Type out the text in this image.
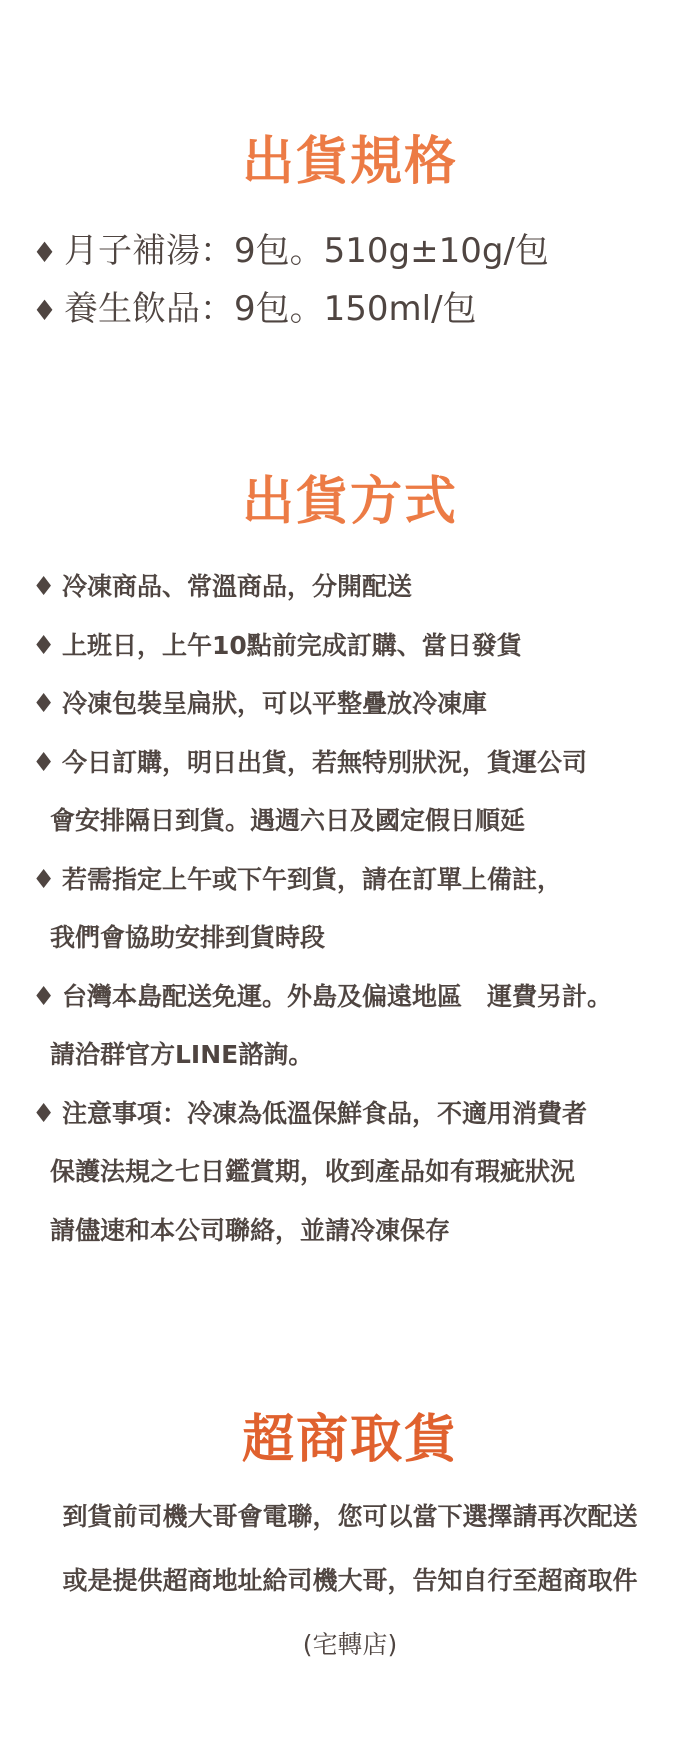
出貨規格
♦ 月子補湯：9包。510g±10g/包
♦ 養生飲品：9包。150ml/包
出貨方式
♦ 冷凍商品、常溫商品，分開配送
♦ 上班日，上午10點前完成訂購、當日發貨
♦ 冷凍包裝呈扁狀，可以平整疊放冷凍庫
♦ 今日訂購，明日出貨，若無特別狀況，貨運公司
會安排隔日到貨。遇週六日及國定假日順延
♦ 若需指定上午或下午到貨，請在訂單上備註，
我們會協助安排到貨時段
♦ 台灣本島配送免運。外島及偏遠地區　運費另計。
請洽群官方LINE諮詢。
♦ 注意事項：冷凍為低溫保鮮食品，不適用消費者
保護法規之七日鑑賞期，收到產品如有瑕疵狀況
請儘速和本公司聯絡，並請冷凍保存
超商取貨
到貨前司機大哥會電聯，您可以當下選擇請再次配送
或是提供超商地址給司機大哥，告知自行至超商取件
(宅轉店)
